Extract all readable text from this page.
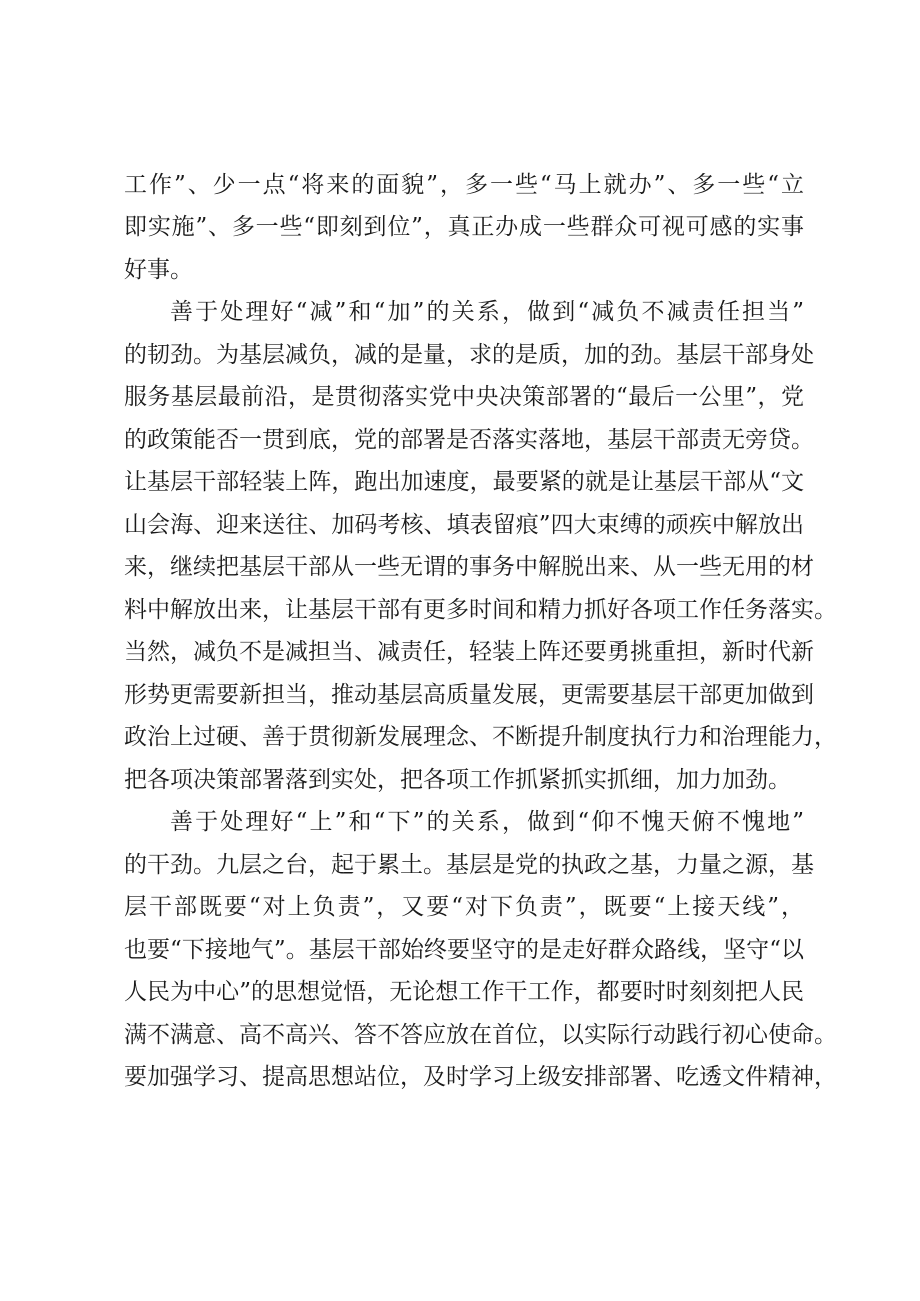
工作”、少一点“将来的面貌”，多一些“马上就办”、多一些“立

即实施”、多一些“即刻到位”，真正办成一些群众可视可感的实事

好事。

善于处理好“减”和“加”的关系，做到“减负不减责任担当”

的韧劲。为基层减负，减的是量，求的是质，加的劲。基层干部身处

服务基层最前沿，是贯彻落实党中央决策部署的“最后一公里”，党

的政策能否一贯到底，党的部署是否落实落地，基层干部责无旁贷。

让基层干部轻装上阵，跑出加速度，最要紧的就是让基层干部从“文

山会海、迎来送往、加码考核、填表留痕”四大束缚的顽疾中解放出

来，继续把基层干部从一些无谓的事务中解脱出来、从一些无用的材

料中解放出来，让基层干部有更多时间和精力抓好各项工作任务落实。

当然，减负不是减担当、减责任，轻装上阵还要勇挑重担，新时代新

形势更需要新担当，推动基层高质量发展，更需要基层干部更加做到

政治上过硬、善于贯彻新发展理念、不断提升制度执行力和治理能力，

把各项决策部署落到实处，把各项工作抓紧抓实抓细，加力加劲。

善于处理好“上”和“下”的关系，做到“仰不愧天俯不愧地”

的干劲。九层之台，起于累土。基层是党的执政之基，力量之源，基

层干部既要“对上负责”，又要“对下负责”，既要“上接天线”，

也要“下接地气”。基层干部始终要坚守的是走好群众路线，坚守“以

人民为中心”的思想觉悟，无论想工作干工作，都要时时刻刻把人民

满不满意、高不高兴、答不答应放在首位，以实际行动践行初心使命。

要加强学习、提高思想站位，及时学习上级安排部署、吃透文件精神，
